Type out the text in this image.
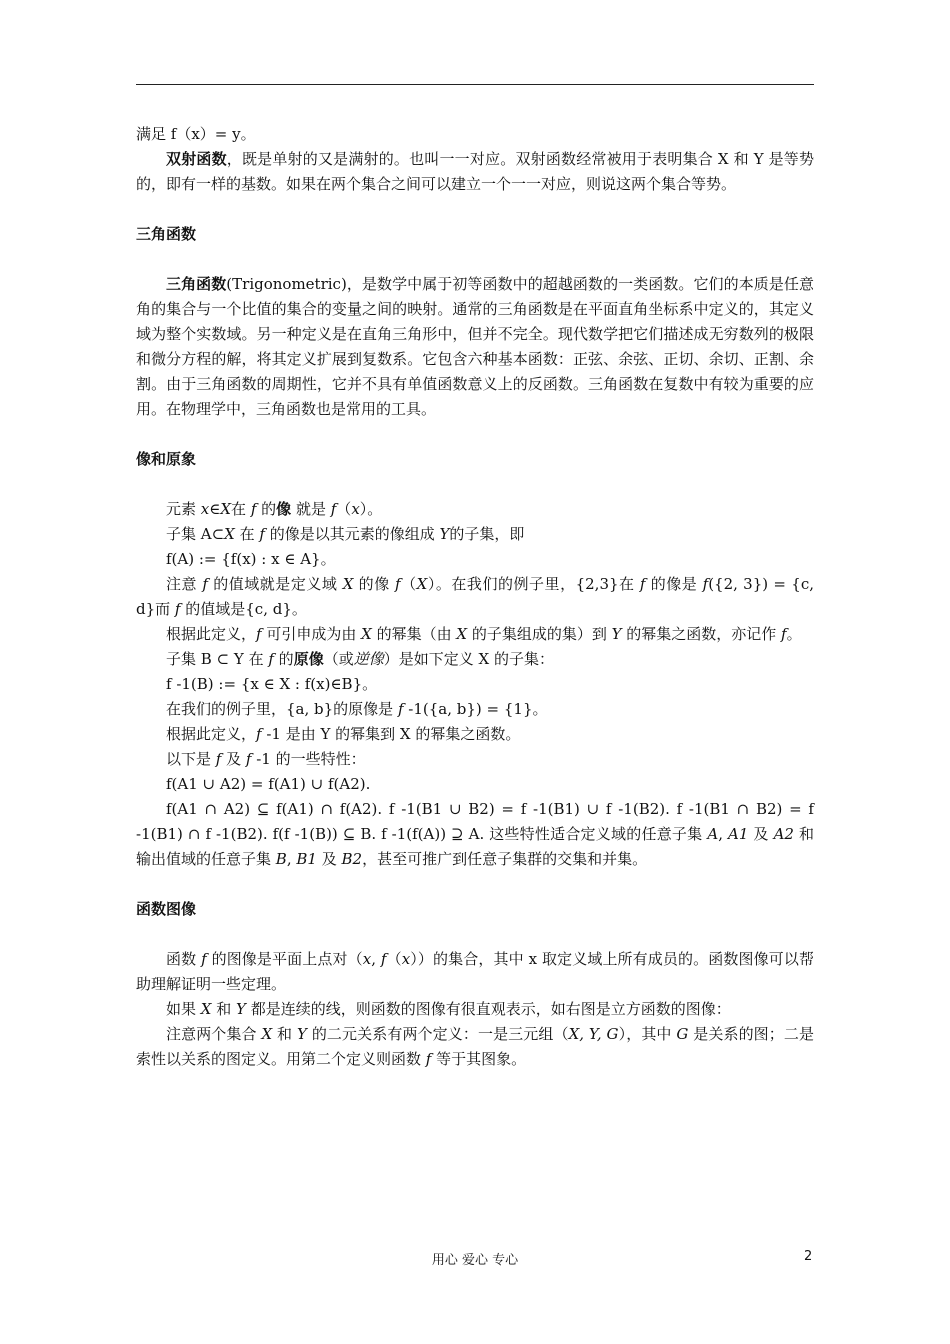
满足 f（x）= y。

双射函数，既是单射的又是满射的。也叫一一对应。双射函数经常被用于表明集合 X 和 Y 是等势的，即有一样的基数。如果在两个集合之间可以建立一个一一对应，则说这两个集合等势。

三角函数

三角函数(Trigonometric)，是数学中属于初等函数中的超越函数的一类函数。它们的本质是任意角的集合与一个比值的集合的变量之间的映射。通常的三角函数是在平面直角坐标系中定义的，其定义域为整个实数域。另一种定义是在直角三角形中，但并不完全。现代数学把它们描述成无穷数列的极限和微分方程的解，将其定义扩展到复数系。它包含六种基本函数：正弦、余弦、正切、余切、正割、余割。由于三角函数的周期性，它并不具有单值函数意义上的反函数。三角函数在复数中有较为重要的应用。在物理学中，三角函数也是常用的工具。

像和原象

元素 x∈X在 f 的像 就是 f（x）。

子集 A⊂X 在 f 的像是以其元素的像组成 Y的子集，即

f(A) := {f(x) : x ∈ A}。

注意 f 的值域就是定义域 X 的像 f（X）。在我们的例子里，{2,3}在 f 的像是 f({2, 3}) = {c, d}而 f 的值域是{c, d}。

根据此定义，f 可引申成为由 X 的幂集（由 X 的子集组成的集）到 Y 的幂集之函数，亦记作 f。

子集 B ⊂ Y 在 f 的原像（或逆像）是如下定义 X 的子集：

f -1(B) := {x ∈ X : f(x)∈B}。

在我们的例子里，{a, b}的原像是 f -1({a, b}) = {1}。

根据此定义，f -1 是由 Y 的幂集到 X 的幂集之函数。

以下是 f 及 f -1 的一些特性：

f(A1 ∪ A2) = f(A1) ∪ f(A2).

f(A1 ∩ A2) ⊆ f(A1) ∩ f(A2). f -1(B1 ∪ B2) = f -1(B1) ∪ f -1(B2). f -1(B1 ∩ B2) = f -1(B1) ∩ f -1(B2). f(f -1(B)) ⊆ B. f -1(f(A)) ⊇ A. 这些特性适合定义域的任意子集 A, A1 及 A2 和输出值域的任意子集 B, B1 及 B2，甚至可推广到任意子集群的交集和并集。

函数图像

函数 f 的图像是平面上点对（x, f（x））的集合，其中 x 取定义域上所有成员的。函数图像可以帮助理解证明一些定理。

如果 X 和 Y 都是连续的线，则函数的图像有很直观表示，如右图是立方函数的图像：

注意两个集合 X 和 Y 的二元关系有两个定义：一是三元组（X, Y, G），其中 G 是关系的图；二是索性以关系的图定义。用第二个定义则函数 f 等于其图象。

用心 爱心 专心	2
